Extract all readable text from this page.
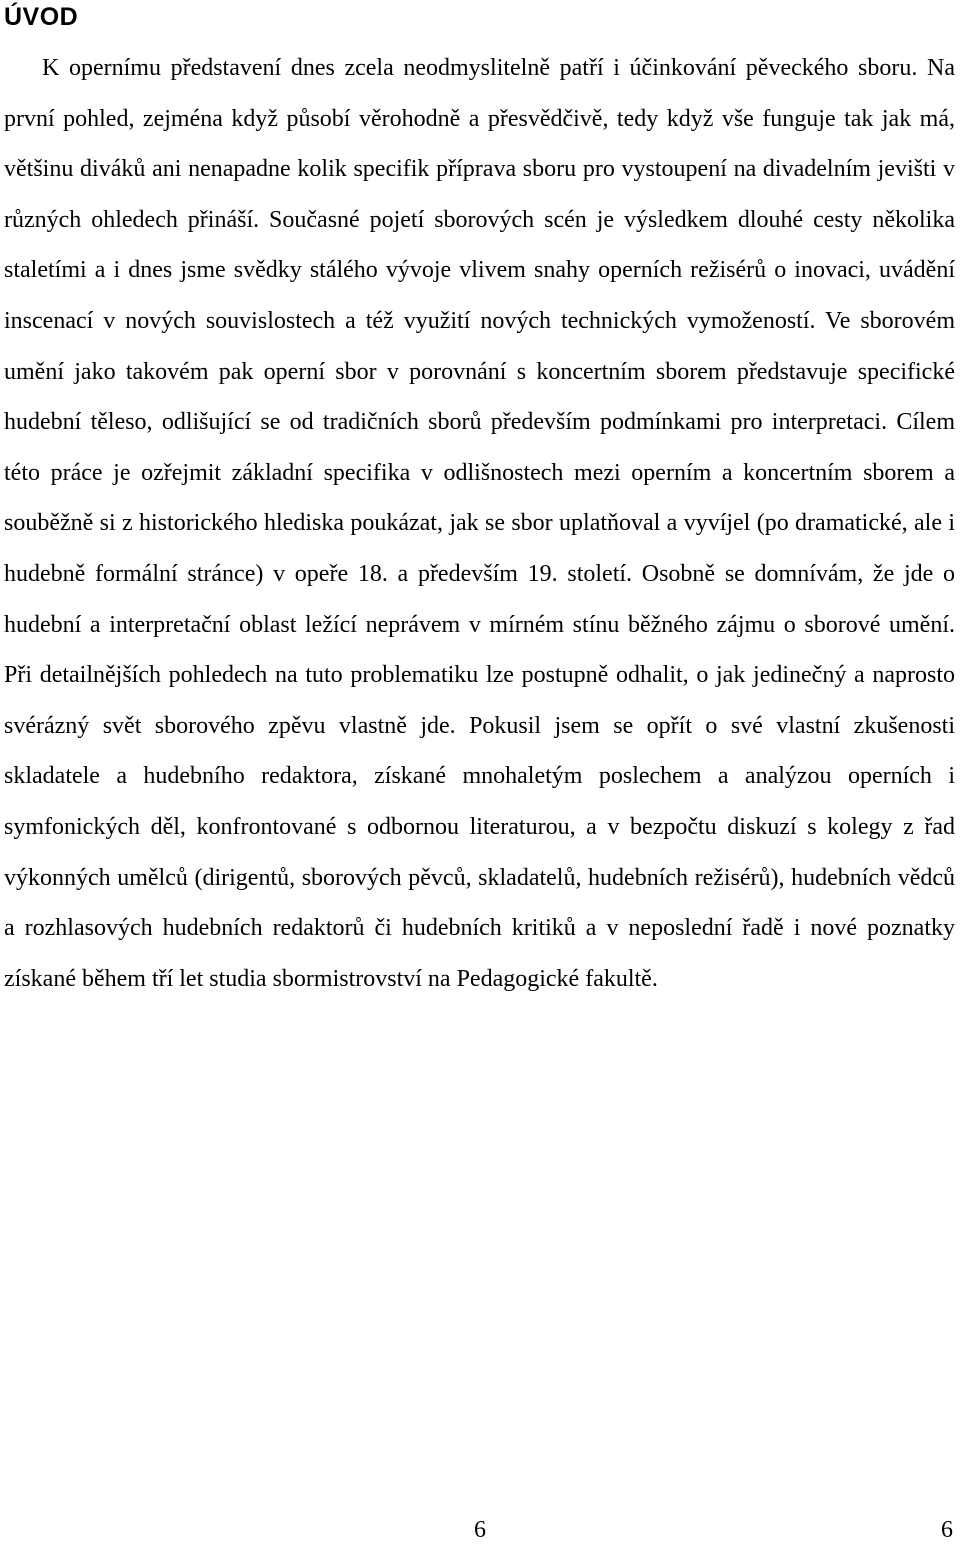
ÚVOD

K opernímu představení dnes zcela neodmyslitelně patří i účinkování pěveckého sboru. Na první pohled, zejména když působí věrohodně a přesvědčivě, tedy když vše funguje tak jak má, většinu diváků ani nenapadne kolik specifik příprava sboru pro vystoupení na divadelním jevišti v různých ohledech přináší. Současné pojetí sborových scén je výsledkem dlouhé cesty několika staletími a i dnes jsme svědky stálého vývoje vlivem snahy operních režisérů o inovaci, uvádění inscenací v nových souvislostech a též využití nových technických vymožeností. Ve sborovém umění jako takovém pak operní sbor v porovnání s koncertním sborem představuje specifické hudební těleso, odlišující se od tradičních sborů především podmínkami pro interpretaci. Cílem této práce je ozřejmit základní specifika v odlišnostech mezi operním a koncertním sborem a souběžně si z historického hlediska poukázat, jak se sbor uplatňoval a vyvíjel (po dramatické, ale i hudebně formální stránce) v opeře 18. a především 19. století. Osobně se domnívám, že jde o hudební a interpretační oblast ležící neprávem v mírném stínu běžného zájmu o sborové umění. Při detailnějších pohledech na tuto problematiku lze postupně odhalit, o jak jedinečný a naprosto svérázný svět sborového zpěvu vlastně jde. Pokusil jsem se opřít o své vlastní zkušenosti skladatele a hudebního redaktora, získané mnohaletým poslechem a analýzou operních i symfonických děl, konfrontované s odbornou literaturou, a v bezpočtu diskuzí s kolegy z řad výkonných umělců (dirigentů, sborových pěvců, skladatelů, hudebních režisérů), hudebních vědců a rozhlasových hudebních redaktorů či hudebních kritiků a v neposlední řadě i nové poznatky získané během tří let studia sbormistrovství na Pedagogické fakultě.

6	6
